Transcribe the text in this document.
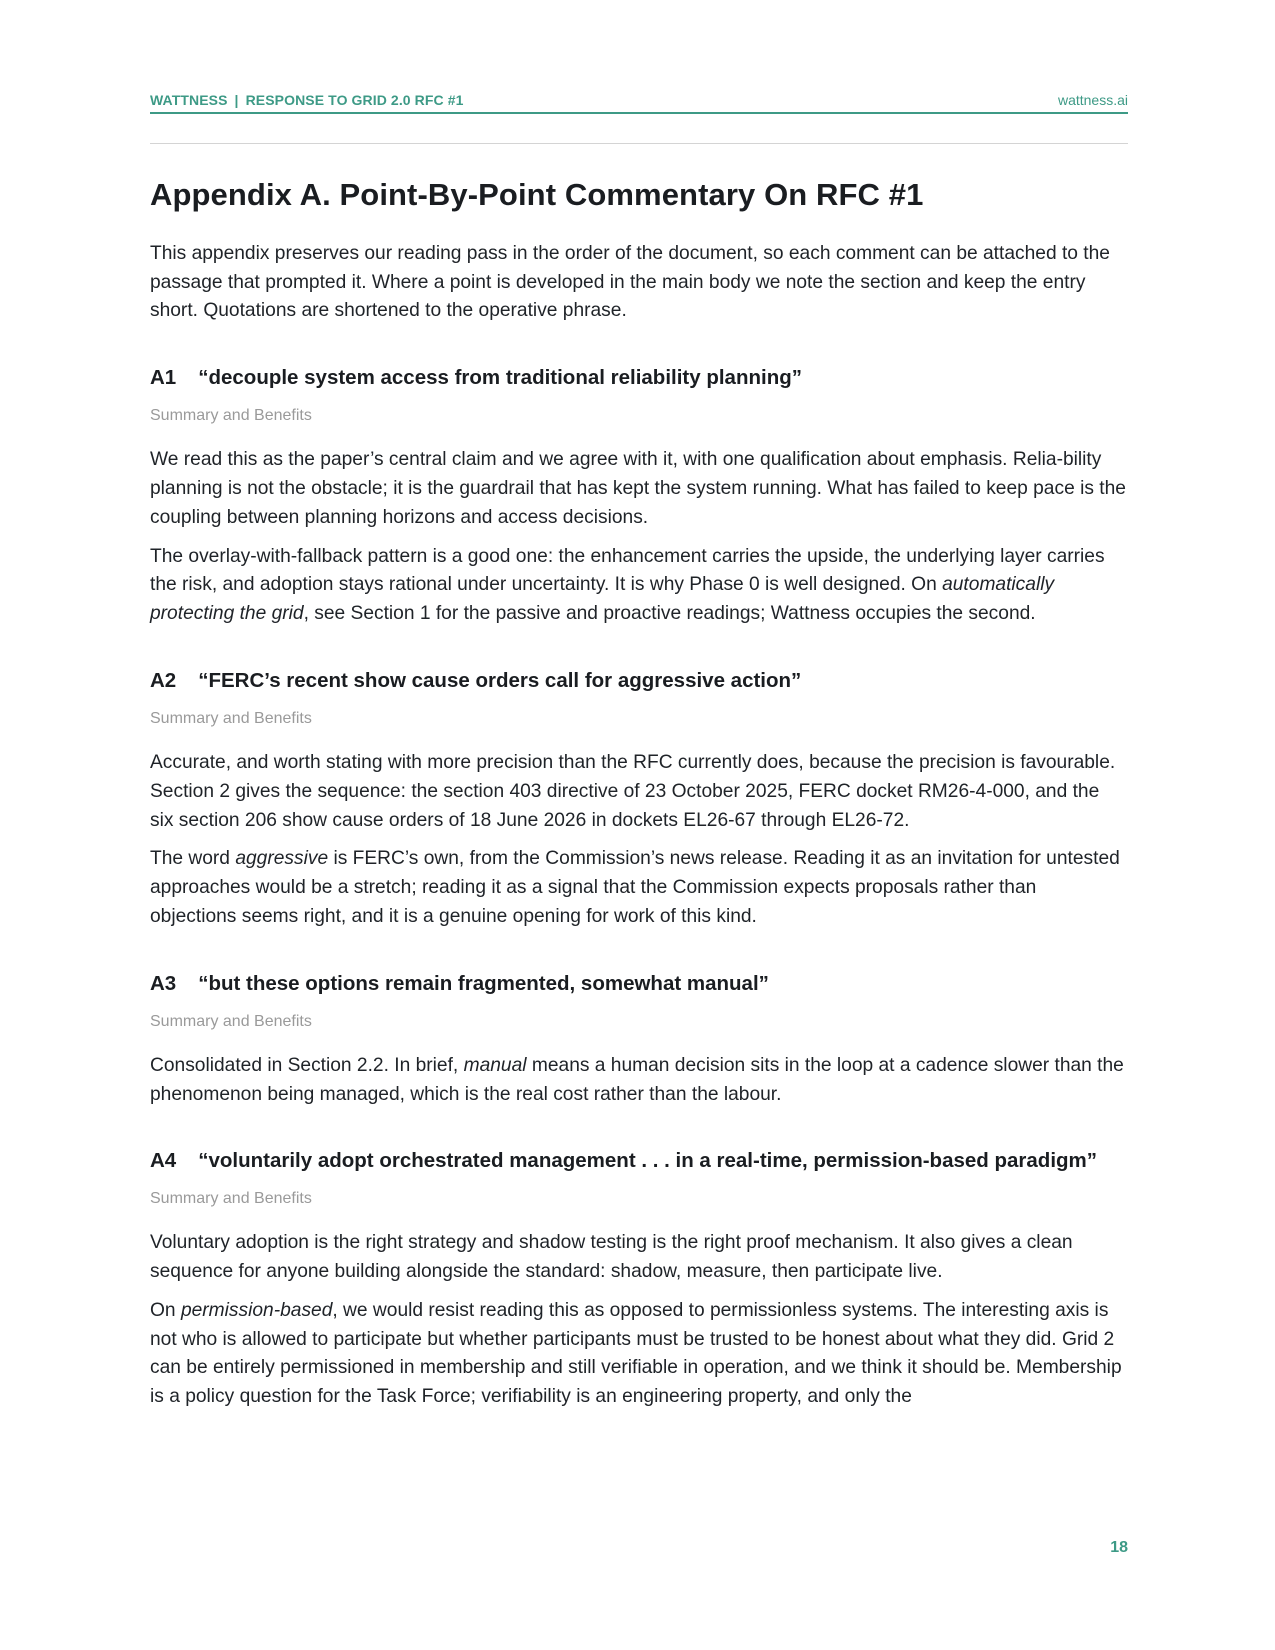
WATTNESS | RESPONSE TO GRID 2.0 RFC #1	wattness.ai
Appendix A. Point-By-Point Commentary On RFC #1

This appendix preserves our reading pass in the order of the document, so each comment can be attached to the passage that prompted it. Where a point is developed in the main body we note the section and keep the entry short. Quotations are shortened to the operative phrase.

A1 “decouple system access from traditional reliability planning”
Summary and Benefits

We read this as the paper’s central claim and we agree with it, with one qualification about emphasis. Relia-bility planning is not the obstacle; it is the guardrail that has kept the system running. What has failed to keep pace is the coupling between planning horizons and access decisions.

The overlay-with-fallback pattern is a good one: the enhancement carries the upside, the underlying layer carries the risk, and adoption stays rational under uncertainty. It is why Phase 0 is well designed. On automatically protecting the grid, see Section 1 for the passive and proactive readings; Wattness occupies the second.

A2 “FERC’s recent show cause orders call for aggressive action”
Summary and Benefits

Accurate, and worth stating with more precision than the RFC currently does, because the precision is favourable. Section 2 gives the sequence: the section 403 directive of 23 October 2025, FERC docket RM26-4-000, and the six section 206 show cause orders of 18 June 2026 in dockets EL26-67 through EL26-72.

The word aggressive is FERC’s own, from the Commission’s news release. Reading it as an invitation for untested approaches would be a stretch; reading it as a signal that the Commission expects proposals rather than objections seems right, and it is a genuine opening for work of this kind.

A3 “but these options remain fragmented, somewhat manual”
Summary and Benefits

Consolidated in Section 2.2. In brief, manual means a human decision sits in the loop at a cadence slower than the phenomenon being managed, which is the real cost rather than the labour.

A4 “voluntarily adopt orchestrated management . . . in a real-time, permission-based paradigm”
Summary and Benefits

Voluntary adoption is the right strategy and shadow testing is the right proof mechanism. It also gives a clean sequence for anyone building alongside the standard: shadow, measure, then participate live.

On permission-based, we would resist reading this as opposed to permissionless systems. The interesting axis is not who is allowed to participate but whether participants must be trusted to be honest about what they did. Grid 2 can be entirely permissioned in membership and still verifiable in operation, and we think it should be. Membership is a policy question for the Task Force; verifiability is an engineering property, and only the

18
